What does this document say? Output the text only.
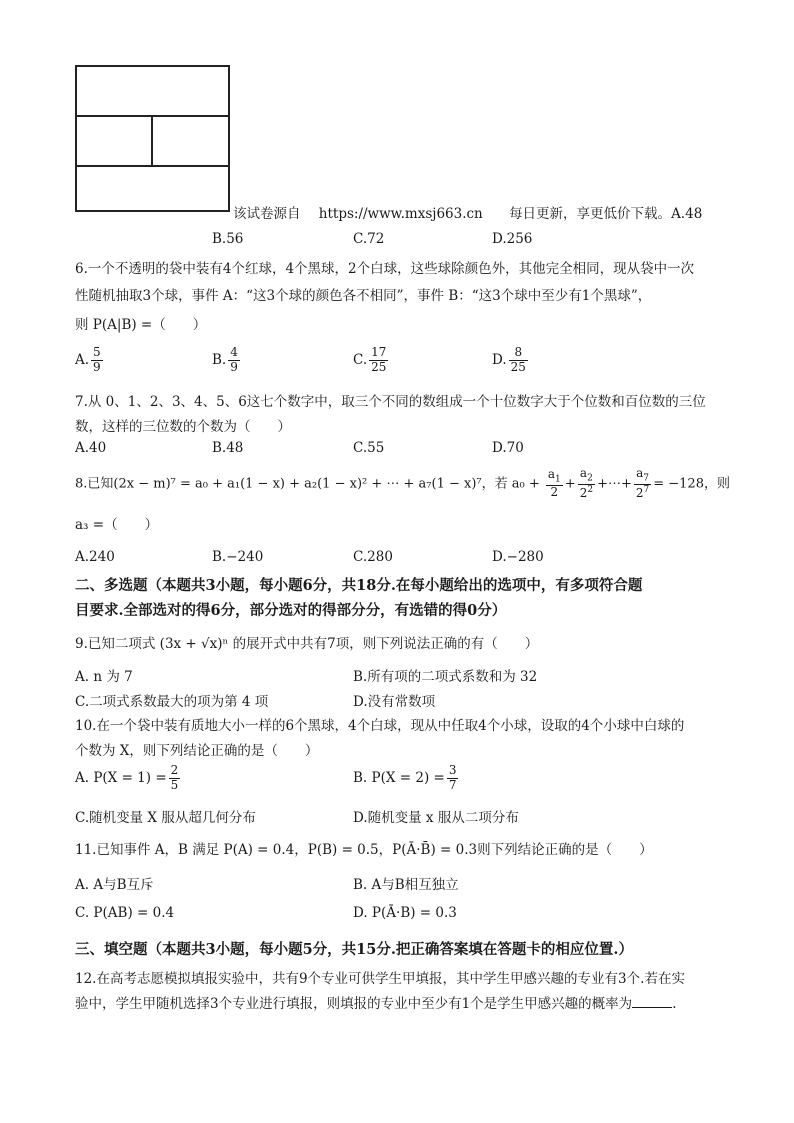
该试卷源自 https://www.mxsj663.cn 每日更新，享更低价下载。A.48
B.56	C.72	D.256
6.一个不透明的袋中装有4个红球，4个黑球，2个白球，这些球除颜色外，其他完全相同，现从袋中一次
性随机抽取3个球，事件 A：“这3个球的颜色各不相同”，事件 B：“这3个球中至少有1个黑球”，
则 P(A|B) =（　　）
A. $\frac{5}{9}$	B. $\frac{4}{9}$	C. $\frac{17}{25}$	D. $\frac{8}{25}$
7.从 0、1、2、3、4、5、6这七个数字中，取三个不同的数组成一个十位数字大于个位数和百位数的三位
数，这样的三位数的个数为（　　）
A.40	B.48	C.55	D.70
8.已知(2x − m)⁷ = a₀ + a₁(1 − x) + a₂(1 − x)² + ⋯ + a₇(1 − x)⁷，若 $a_0 + \frac{a_1}{2} + \frac{a_2}{2^2}$ +⋯+ $\frac{a_7}{2^7} = -128$，则
a₃ =（　　）
A.240	B.−240	C.280	D.−280
二、多选题（本题共3小题，每小题6分，共18分.在每小题给出的选项中，有多项符合题
目要求.全部选对的得6分，部分选对的得部分分，有选错的得0分）
9.已知二项式 (3x + √x)ⁿ 的展开式中共有7项，则下列说法正确的有（　　）
A. n 为 7	B.所有项的二项式系数和为 32
C.二项式系数最大的项为第 4 项	D.没有常数项
10.在一个袋中装有质地大小一样的6个黑球，4个白球，现从中任取4个小球，设取的4个小球中白球的
个数为 X，则下列结论正确的是（　　）
A. $P(X = 1) = \frac{2}{5}$	B. $P(X = 2) = \frac{3}{7}$
C.随机变量 X 服从超几何分布	D.随机变量 x 服从二项分布
11.已知事件 A，B 满足 P(A) = 0.4，P(B) = 0.5，P(Ā·B̄) = 0.3则下列结论正确的是（　　）
A. A与B互斥	B. A与B相互独立
C. P(AB) = 0.4	D. P(Ā·B) = 0.3
三、填空题（本题共3小题，每小题5分，共15分.把正确答案填在答题卡的相应位置.）
12.在高考志愿模拟填报实验中，共有9个专业可供学生甲填报，其中学生甲感兴趣的专业有3个.若在实
验中，学生甲随机选择3个专业进行填报，则填报的专业中至少有1个是学生甲感兴趣的概率为	.
